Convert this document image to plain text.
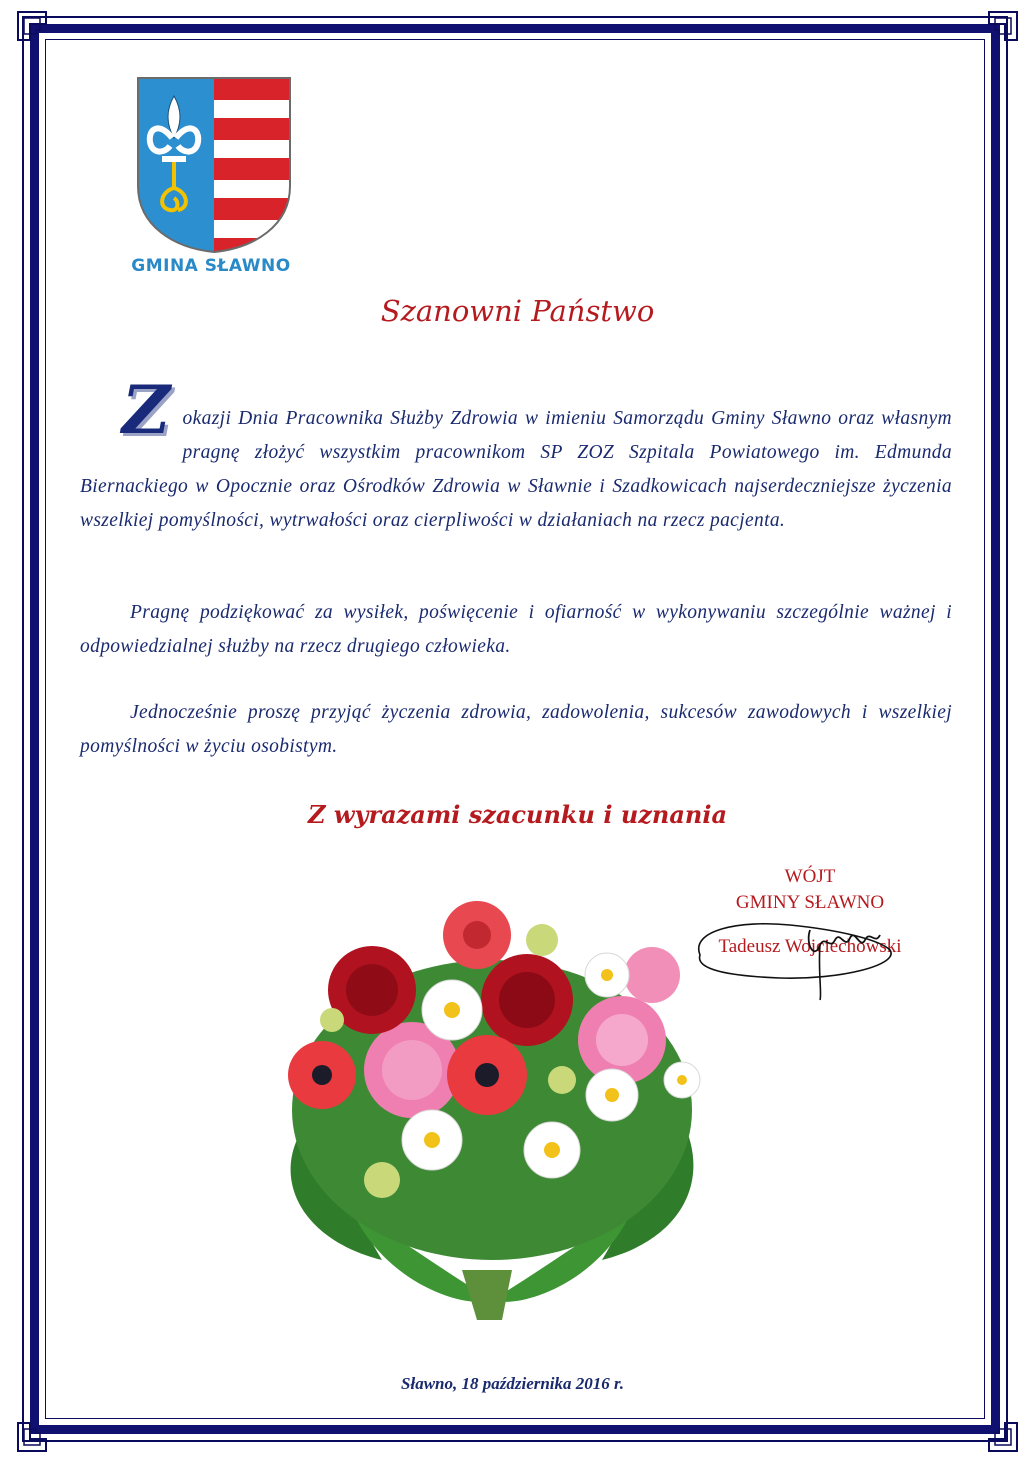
GMINA SŁAWNO
Szanowni Państwo
Zokazji Dnia Pracownika Służby Zdrowia w imieniu Samorządu Gminy Sławno oraz własnym pragnę złożyć wszystkim pracownikom SP ZOZ Szpitala Powiatowego im. Edmunda Biernackiego w Opocznie oraz Ośrodków Zdrowia w Sławnie i Szadkowicach najserdeczniejsze życzenia wszelkiej pomyślności, wytrwałości oraz cierpliwości w działaniach na rzecz pacjenta.
Pragnę podziękować za wysiłek, poświęcenie i ofiarność w wykonywaniu szczególnie ważnej i odpowiedzialnej służby na rzecz drugiego człowieka.
Jednocześnie proszę przyjąć życzenia zdrowia, zadowolenia, sukcesów zawodowych i wszelkiej pomyślności w życiu osobistym.
Z wyrazami szacunku i uznania
WÓJT
GMINY SŁAWNO
Tadeusz Wojciechowski
Sławno, 18 października 2016 r.
